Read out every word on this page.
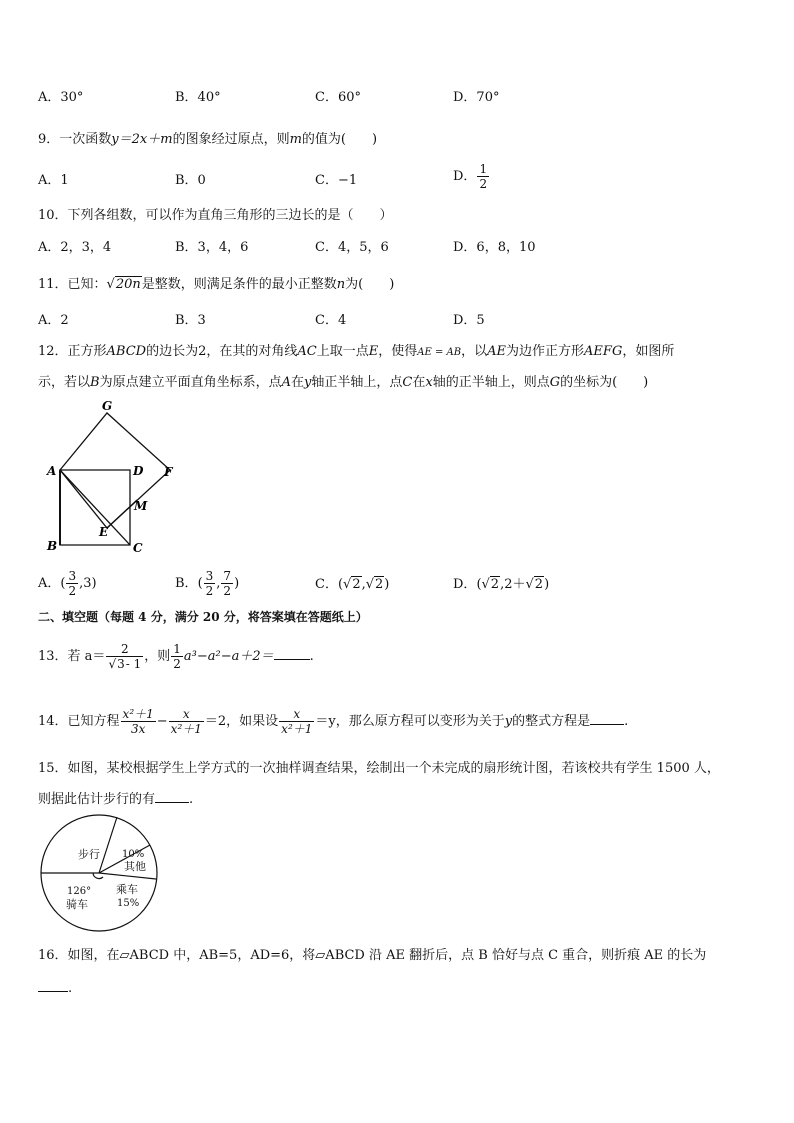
A．30°	B．40°	C．60°	D．70°
9．一次函数y＝2x＋m的图象经过原点，则m的值为(　　)
A．1	B．0	C．−1	D． $\frac{1}{2}$
10．下列各组数，可以作为直角三角形的三边长的是（　　）
A．2，3，4	B．3，4，6	C．4，5，6	D．6，8，10
11．已知：√20n是整数，则满足条件的最小正整数n为(　　)
A．2	B．3	C．4	D．5
12．正方形ABCD的边长为2，在其的对角线AC上取一点E，使得AE = AB，以AE为边作正方形AEFG，如图所
示，若以B为原点建立平面直角坐标系，点A在y轴正半轴上，点C在x轴的正半轴上，则点G的坐标为(　　)
G
A	D F
M
E
B	C
A．( $\frac{3}{2} ,3$)	B．( $\frac{3}{2}$ , $\frac{7}{2}$ )	C．(√2,√2)	D．(√2,2＋√2)
二、填空题（每题 4 分，满分 20 分，将答案填在答题纸上）
13．若 $a= \frac{2}{√3- 1}$ ，则 $\frac{1}{2} a^3-a^2-a+2=$	.
14．已知方程 $\frac{\text{x²＋1}}{3x} - \frac{x}{\text{x²＋1}} =2$，如果设 $\frac{x}{\text{x²＋1}} =y$，那么原方程可以变形为关于y的整式方程是	.
15．如图，某校根据学生上学方式的一次抽样调查结果，绘制出一个未完成的扇形统计图，若该校共有学生 1500 人，
则据此估计步行的有	.
步行 10%
其他
126°
骑车
乘车
15%
16．如图，在▱ABCD 中，AB=5，AD=6，将▱ABCD 沿 AE 翻折后，点 B 恰好与点 C 重合，则折痕 AE 的长为
.
